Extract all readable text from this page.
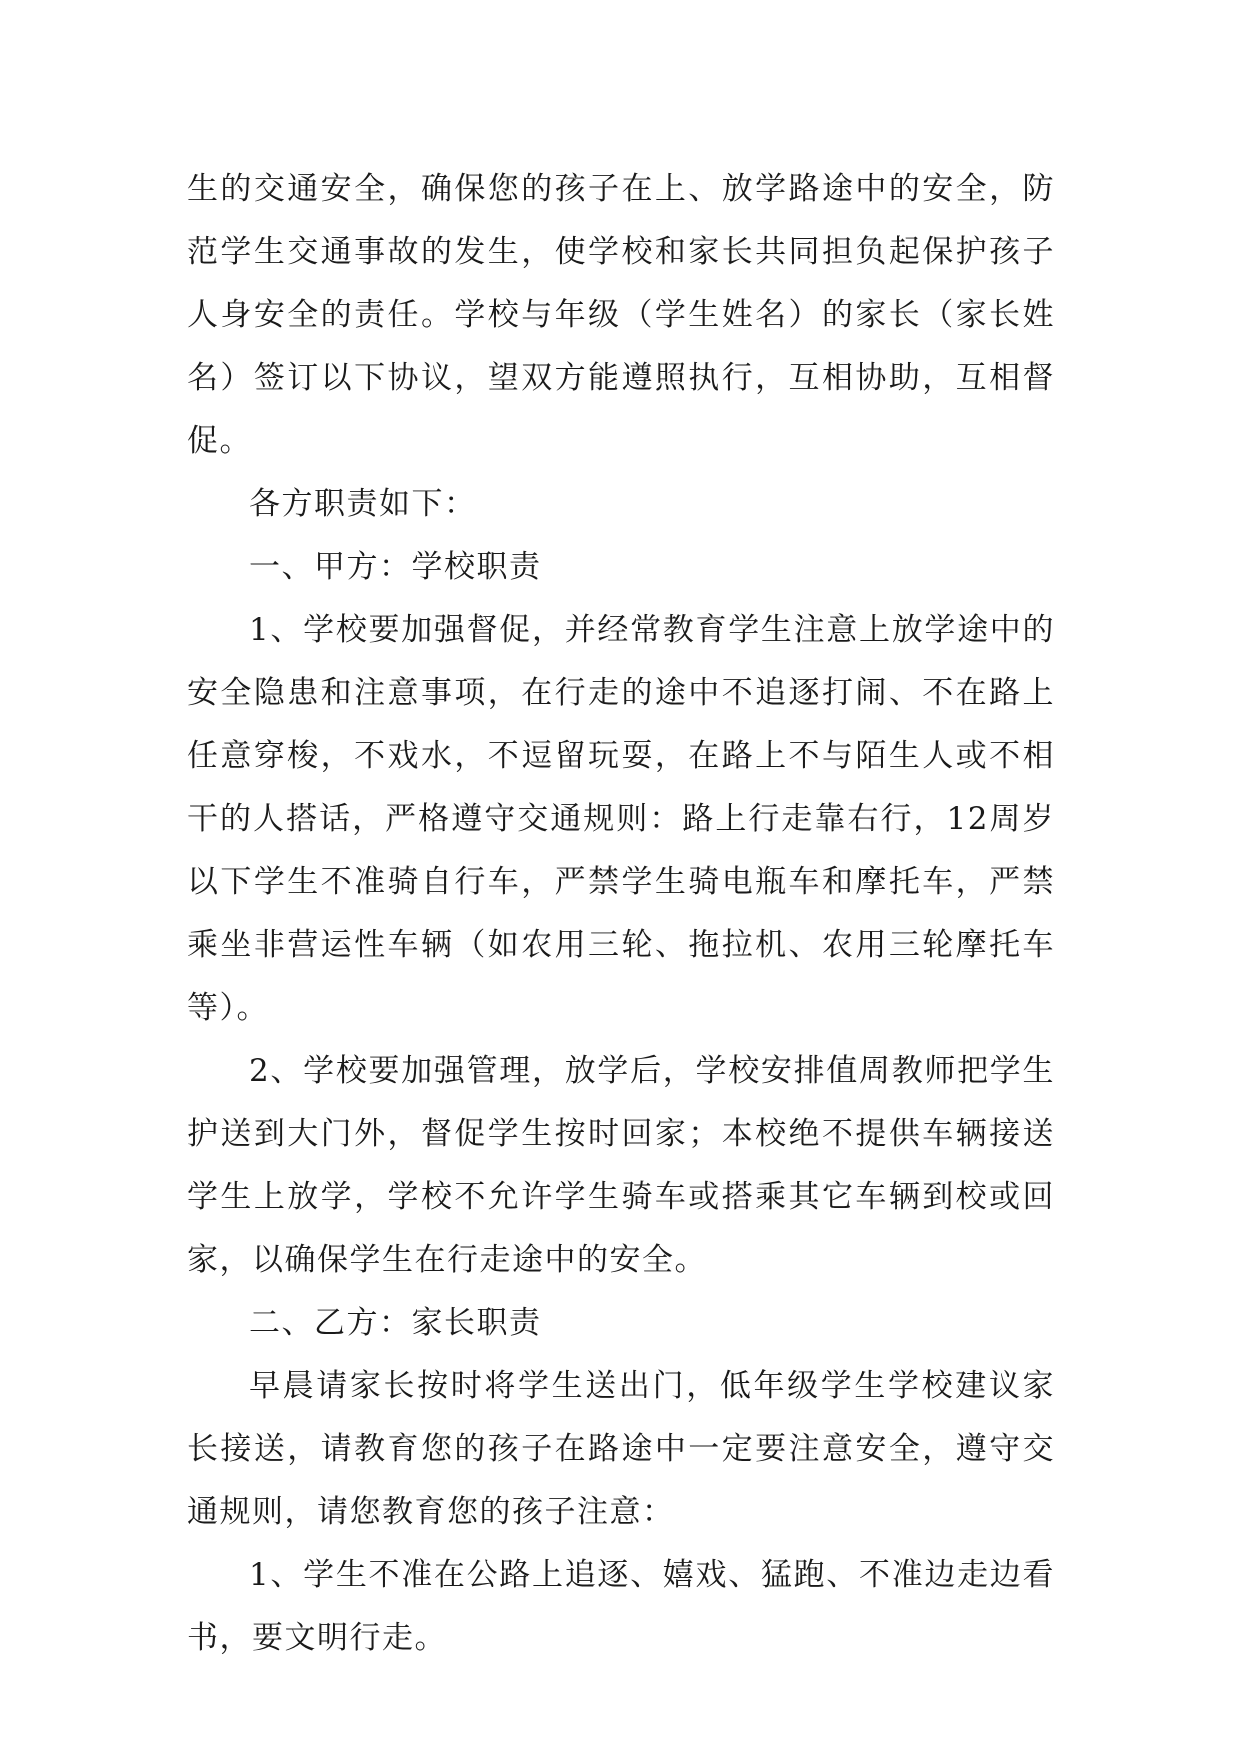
生的交通安全，确保您的孩子在上、放学路途中的安全，防范学生交通事故的发生，使学校和家长共同担负起保护孩子人身安全的责任。学校与年级（学生姓名）的家长（家长姓名）签订以下协议，望双方能遵照执行，互相协助，互相督促。

各方职责如下：

一、甲方：学校职责

1、学校要加强督促，并经常教育学生注意上放学途中的安全隐患和注意事项，在行走的途中不追逐打闹、不在路上任意穿梭，不戏水，不逗留玩耍，在路上不与陌生人或不相干的人搭话，严格遵守交通规则：路上行走靠右行，12周岁以下学生不准骑自行车，严禁学生骑电瓶车和摩托车，严禁乘坐非营运性车辆（如农用三轮、拖拉机、农用三轮摩托车等）。

2、学校要加强管理，放学后，学校安排值周教师把学生护送到大门外，督促学生按时回家；本校绝不提供车辆接送学生上放学，学校不允许学生骑车或搭乘其它车辆到校或回家，以确保学生在行走途中的安全。

二、乙方：家长职责

早晨请家长按时将学生送出门，低年级学生学校建议家长接送，请教育您的孩子在路途中一定要注意安全，遵守交通规则，请您教育您的孩子注意：

1、学生不准在公路上追逐、嬉戏、猛跑、不准边走边看书，要文明行走。
